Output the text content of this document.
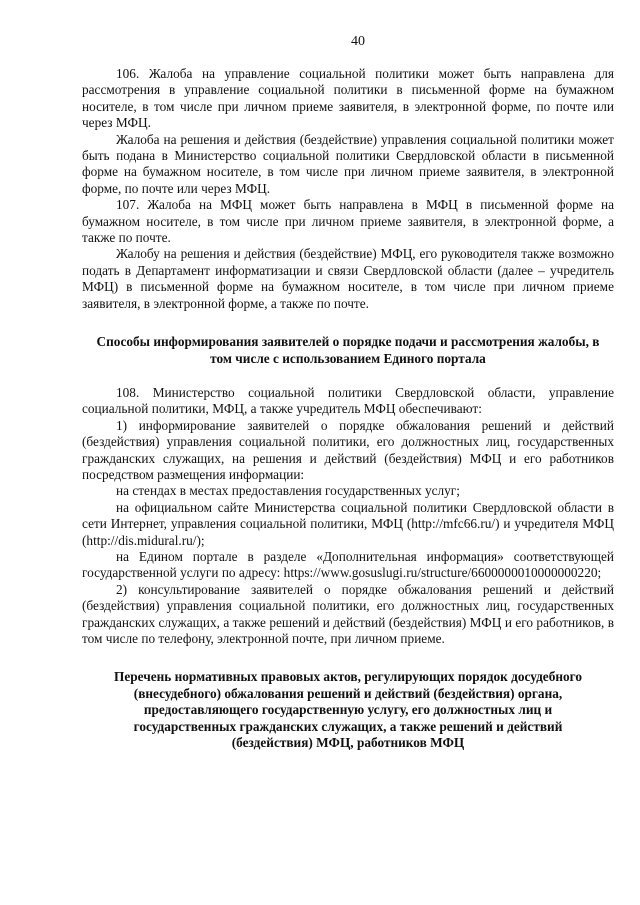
40

106. Жалоба на управление социальной политики может быть направлена для рассмотрения в управление социальной политики в письменной форме на бумажном носителе, в том числе при личном приеме заявителя, в электронной форме, по почте или через МФЦ.

Жалоба на решения и действия (бездействие) управления социальной политики может быть подана в Министерство социальной политики Свердловской области в письменной форме на бумажном носителе, в том числе при личном приеме заявителя, в электронной форме, по почте или через МФЦ.

107. Жалоба на МФЦ может быть направлена в МФЦ в письменной форме на бумажном носителе, в том числе при личном приеме заявителя, в электронной форме, а также по почте.

Жалобу на решения и действия (бездействие) МФЦ, его руководителя также возможно подать в Департамент информатизации и связи Свердловской области (далее – учредитель МФЦ) в письменной форме на бумажном носителе, в том числе при личном приеме заявителя, в электронной форме, а также по почте.

Способы информирования заявителей о порядке подачи и рассмотрения жалобы, в том числе с использованием Единого портала

108. Министерство социальной политики Свердловской области, управление социальной политики, МФЦ, а также учредитель МФЦ обеспечивают:

1) информирование заявителей о порядке обжалования решений и действий (бездействия) управления социальной политики, его должностных лиц, государственных гражданских служащих, на решения и действий (бездействия) МФЦ и его работников посредством размещения информации:

на стендах в местах предоставления государственных услуг;

на официальном сайте Министерства социальной политики Свердловской области в сети Интернет, управления социальной политики, МФЦ (http://mfc66.ru/) и учредителя МФЦ (http://dis.midural.ru/);

на Едином портале в разделе «Дополнительная информация» соответствующей государственной услуги по адресу: https://www.gosuslugi.ru/structure/6600000010000000220;

2) консультирование заявителей о порядке обжалования решений и действий (бездействия) управления социальной политики, его должностных лиц, государственных гражданских служащих, а также решений и действий (бездействия) МФЦ и его работников, в том числе по телефону, электронной почте, при личном приеме.

Перечень нормативных правовых актов, регулирующих порядок досудебного (внесудебного) обжалования решений и действий (бездействия) органа, предоставляющего государственную услугу, его должностных лиц и государственных гражданских служащих, а также решений и действий (бездействия) МФЦ, работников МФЦ
